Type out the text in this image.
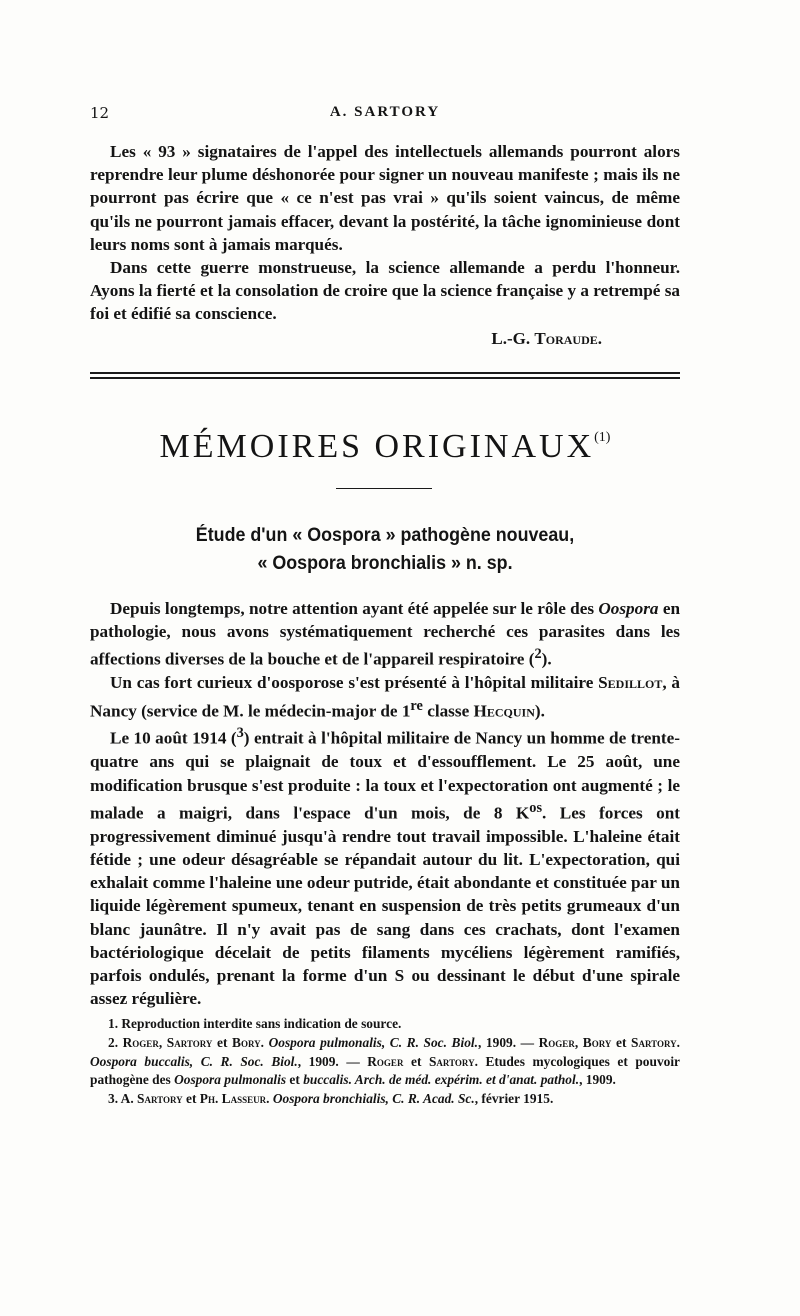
12	A. SARTORY

Les « 93 » signataires de l'appel des intellectuels allemands pourront alors reprendre leur plume déshonorée pour signer un nouveau manifeste ; mais ils ne pourront pas écrire que « ce n'est pas vrai » qu'ils soient vaincus, de même qu'ils ne pourront jamais effacer, devant la postérité, la tâche ignominieuse dont leurs noms sont à jamais marqués.

Dans cette guerre monstrueuse, la science allemande a perdu l'honneur. Ayons la fierté et la consolation de croire que la science française y a retrempé sa foi et édifié sa conscience.

L.-G. Toraude.
MÉMOIRES ORIGINAUX$^{(1)}$
Étude d'un « Oospora » pathogène nouveau,
« Oospora bronchialis » n. sp.

Depuis longtemps, notre attention ayant été appelée sur le rôle des Oospora en pathologie, nous avons systématiquement recherché ces parasites dans les affections diverses de la bouche et de l'appareil respiratoire ($^2$).

Un cas fort curieux d'oosporose s'est présenté à l'hôpital militaire Sedillot, à Nancy (service de M. le médecin-major de 1re classe Hecquin).

Le 10 août 1914 ($^3$) entrait à l'hôpital militaire de Nancy un homme de trente-quatre ans qui se plaignait de toux et d'essoufflement. Le 25 août, une modification brusque s'est produite : la toux et l'expectoration ont augmenté ; le malade a maigri, dans l'espace d'un mois, de 8 $K^{os}$. Les forces ont progressivement diminué jusqu'à rendre tout travail impossible. L'haleine était fétide ; une odeur désagréable se répandait autour du lit. L'expectoration, qui exhalait comme l'haleine une odeur putride, était abondante et constituée par un liquide légèrement spumeux, tenant en suspension de très petits grumeaux d'un blanc jaunâtre. Il n'y avait pas de sang dans ces crachats, dont l'examen bactériologique décelait de petits filaments mycéliens légèrement ramifiés, parfois ondulés, prenant la forme d'un S ou dessinant le début d'une spirale assez régulière.

1. Reproduction interdite sans indication de source.

2. Roger, Sartory et Bory. Oospora pulmonalis, C. R. Soc. Biol., 1909. — Roger, Bory et Sartory. Oospora buccalis, C. R. Soc. Biol., 1909. — Roger et Sartory. Etudes mycologiques et pouvoir pathogène des Oospora pulmonalis et buccalis. Arch. de méd. expérim. et d'anat. pathol., 1909.

3. A. Sartory et Ph. Lasseur. Oospora bronchialis, C. R. Acad. Sc., février 1915.
